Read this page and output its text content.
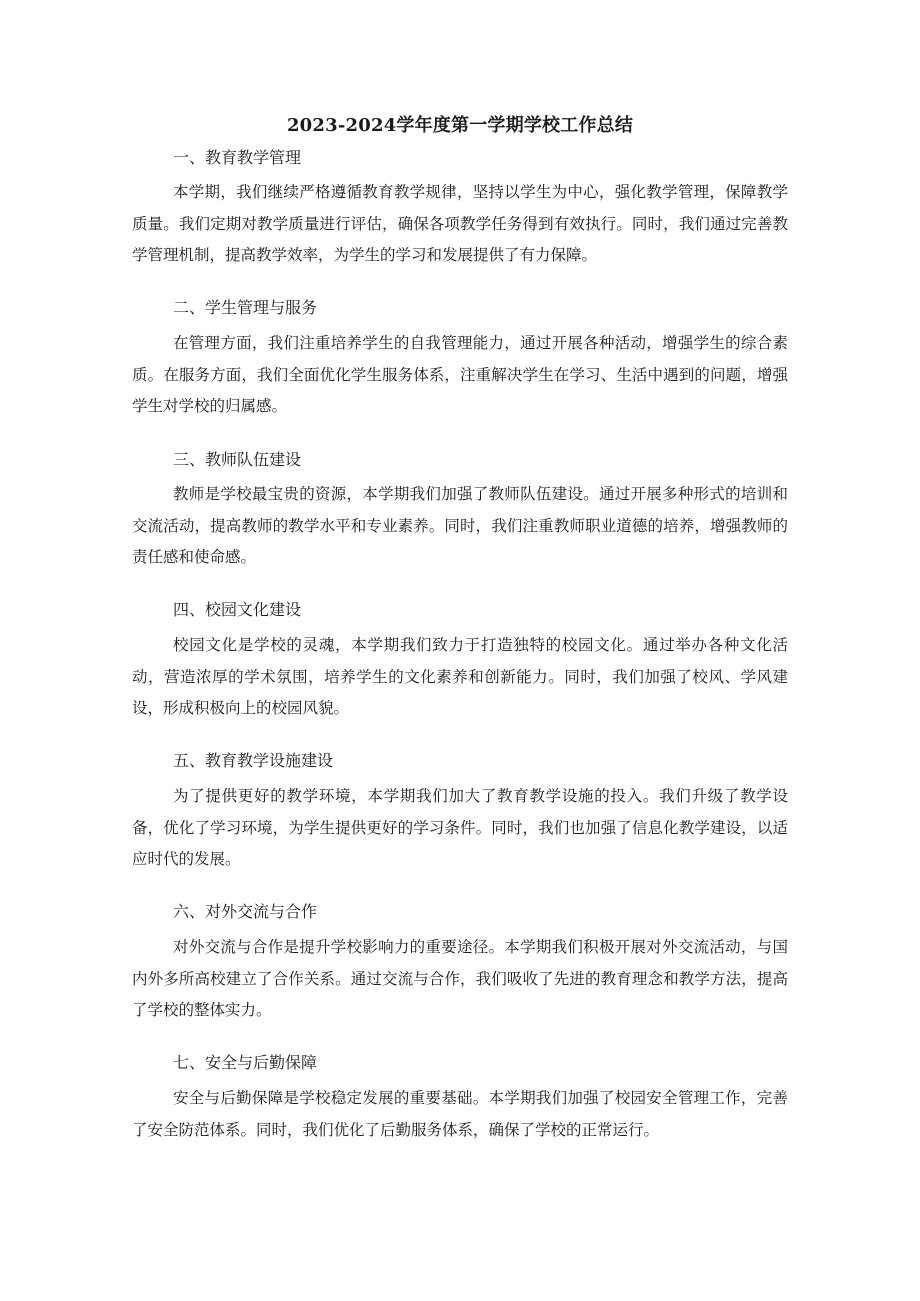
2023-2024学年度第一学期学校工作总结
一、教育教学管理
本学期，我们继续严格遵循教育教学规律，坚持以学生为中心，强化教学管理，保障教学质量。我们定期对教学质量进行评估，确保各项教学任务得到有效执行。同时，我们通过完善教学管理机制，提高教学效率，为学生的学习和发展提供了有力保障。
二、学生管理与服务
在管理方面，我们注重培养学生的自我管理能力，通过开展各种活动，增强学生的综合素质。在服务方面，我们全面优化学生服务体系，注重解决学生在学习、生活中遇到的问题，增强学生对学校的归属感。
三、教师队伍建设
教师是学校最宝贵的资源，本学期我们加强了教师队伍建设。通过开展多种形式的培训和交流活动，提高教师的教学水平和专业素养。同时，我们注重教师职业道德的培养，增强教师的责任感和使命感。
四、校园文化建设
校园文化是学校的灵魂，本学期我们致力于打造独特的校园文化。通过举办各种文化活动，营造浓厚的学术氛围，培养学生的文化素养和创新能力。同时，我们加强了校风、学风建设，形成积极向上的校园风貌。
五、教育教学设施建设
为了提供更好的教学环境，本学期我们加大了教育教学设施的投入。我们升级了教学设备，优化了学习环境，为学生提供更好的学习条件。同时，我们也加强了信息化教学建设，以适应时代的发展。
六、对外交流与合作
对外交流与合作是提升学校影响力的重要途径。本学期我们积极开展对外交流活动，与国内外多所高校建立了合作关系。通过交流与合作，我们吸收了先进的教育理念和教学方法，提高了学校的整体实力。
七、安全与后勤保障
安全与后勤保障是学校稳定发展的重要基础。本学期我们加强了校园安全管理工作，完善了安全防范体系。同时，我们优化了后勤服务体系，确保了学校的正常运行。
